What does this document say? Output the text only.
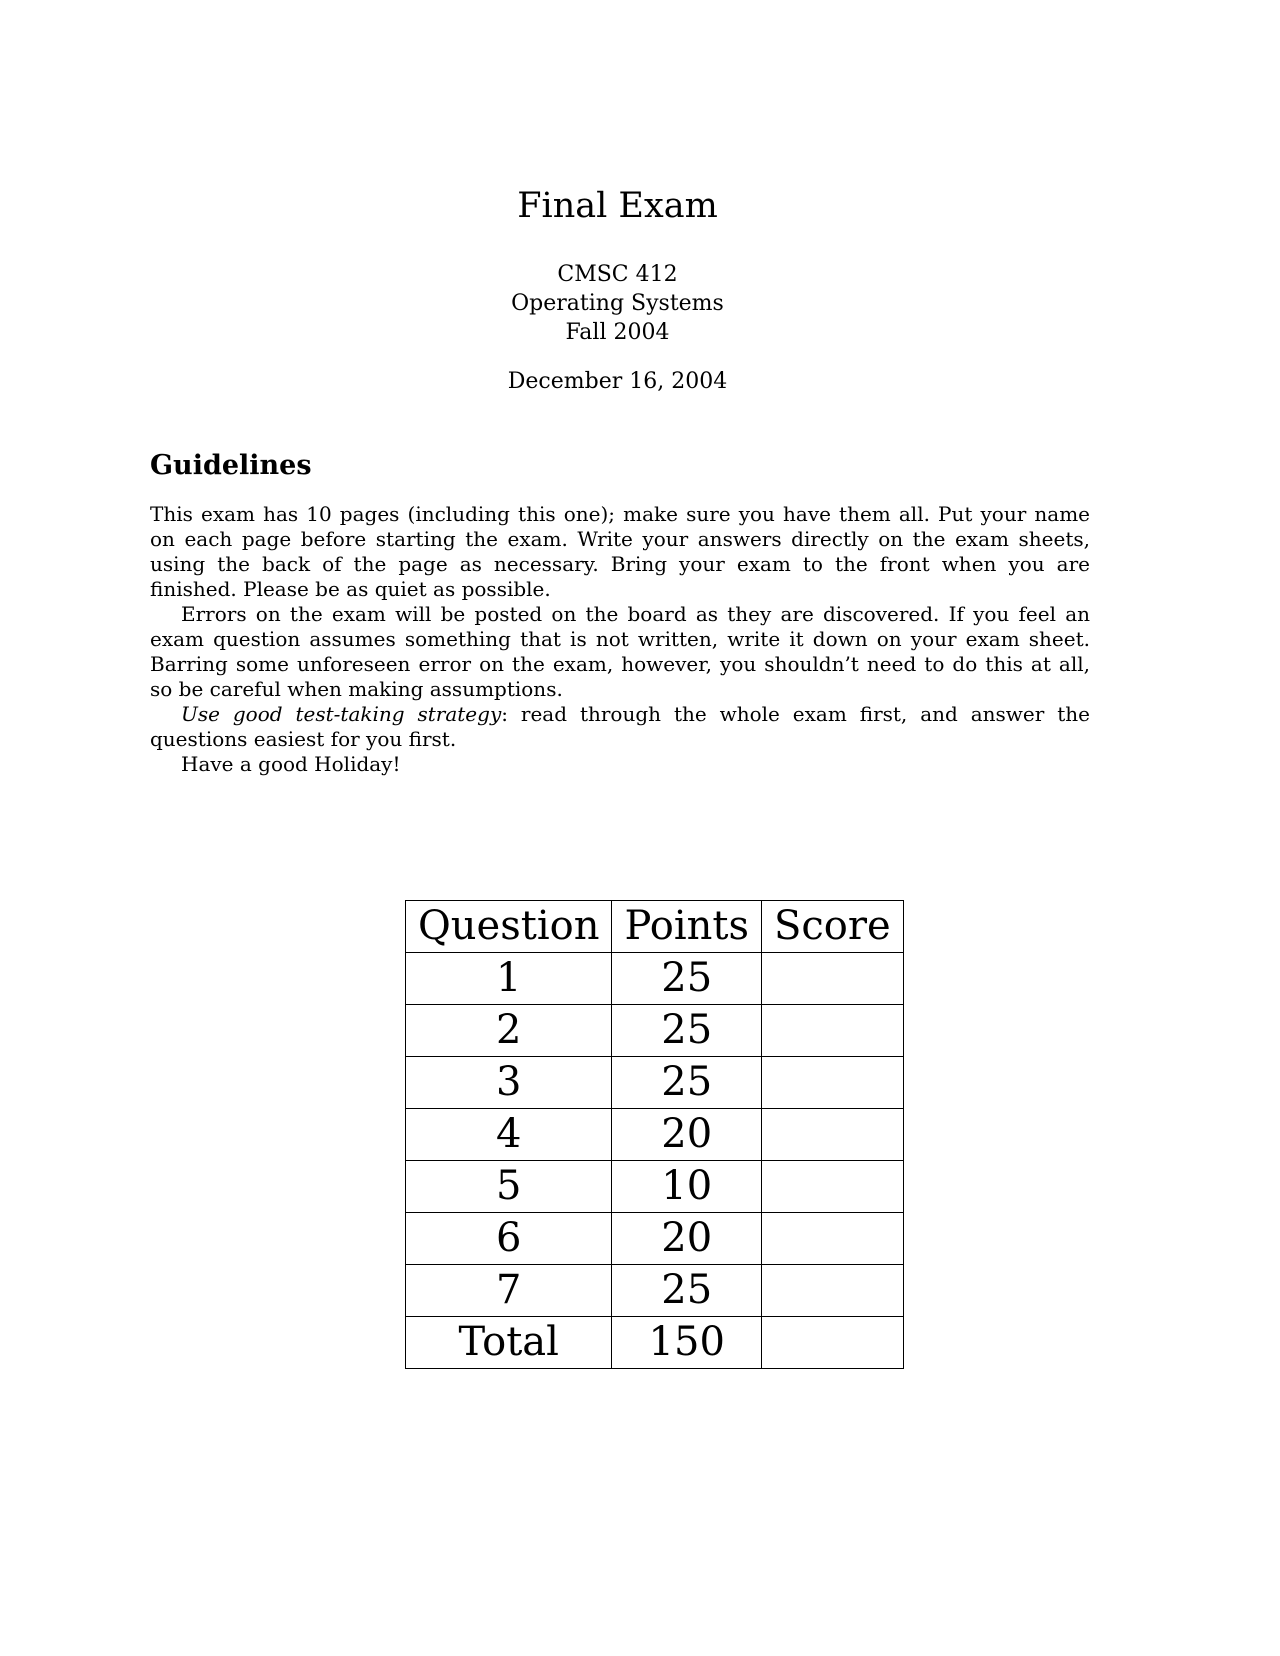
Final Exam
CMSC 412
Operating Systems
Fall 2004
December 16, 2004
Guidelines

This exam has 10 pages (including this one); make sure you have them all. Put your name on each page before starting the exam. Write your answers directly on the exam sheets, using the back of the page as necessary. Bring your exam to the front when you are finished. Please be as quiet as possible.

Errors on the exam will be posted on the board as they are discovered. If you feel an exam question assumes something that is not written, write it down on your exam sheet. Barring some unforeseen error on the exam, however, you shouldn’t need to do this at all, so be careful when making assumptions.

Use good test-taking strategy: read through the whole exam first, and answer the questions easiest for you first.

Have a good Holiday!

Question	Points	Score
1	25	
2	25	
3	25	
4	20	
5	10	
6	20	
7	25	
Total	150	
